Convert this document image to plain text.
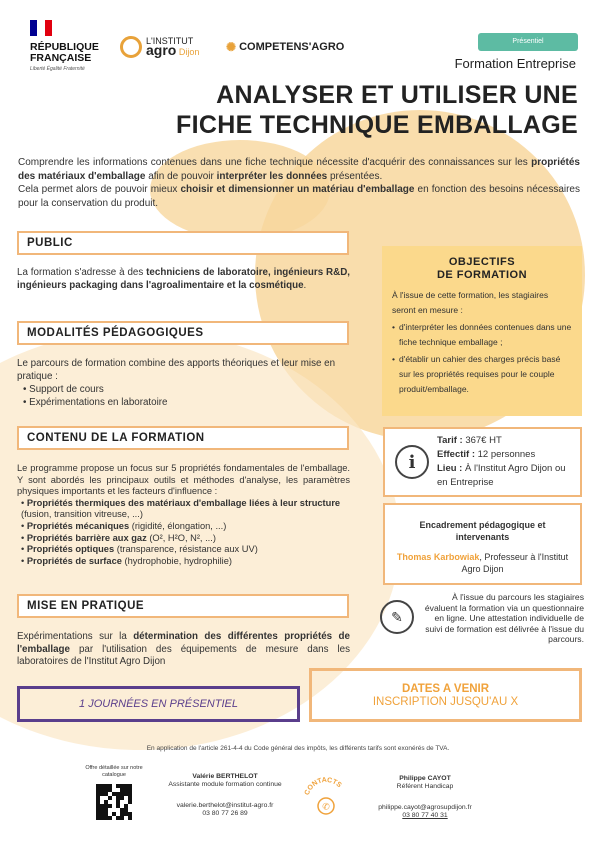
RÉPUBLIQUE FRANÇAISE
Liberté Égalité Fraternité
L'INSTITUT
agro Dijon ✺ COMPETENS'AGRO	Présentiel
Formation Entreprise
ANALYSER ET UTILISER UNE
FICHE TECHNIQUE EMBALLAGE
Comprendre les informations contenues dans une fiche technique nécessite d'acquérir des connaissances sur les propriétés des matériaux d'emballage afin de pouvoir interpréter les données présentées.
Cela permet alors de pouvoir mieux choisir et dimensionner un matériau d'emballage en fonction des besoins nécessaires pour la conservation du produit.
PUBLIC
La formation s'adresse à des techniciens de laboratoire, ingénieurs R&D, ingénieurs packaging dans l'agroalimentaire et la cosmétique.
MODALITÉS PÉDAGOGIQUES
Le parcours de formation combine des apports théoriques et leur mise en pratique :
• Support de cours
• Expérimentations en laboratoire
CONTENU DE LA FORMATION
Le programme propose un focus sur 5 propriétés fondamentales de l'emballage. Y sont abordés les principaux outils et méthodes d'analyse, les paramètres physiques importants et les facteurs d'influence :
• Propriétés thermiques des matériaux d'emballage liées à leur structure (fusion, transition vitreuse, ...)
• Propriétés mécaniques (rigidité, élongation, ...)
• Propriétés barrière aux gaz (O², H²O, N², ...)
• Propriétés optiques (transparence, résistance aux UV)
• Propriétés de surface (hydrophobie, hydrophilie)
MISE EN PRATIQUE
Expérimentations sur la détermination des différentes propriétés de l'emballage par l'utilisation des équipements de mesure dans les laboratoires de l'Institut Agro Dijon
OBJECTIFS
DE FORMATION
À l'issue de cette formation, les stagiaires seront en mesure :
• d'interpréter les données contenues dans une fiche technique emballage ;
• d'établir un cahier des charges précis basé sur les propriétés requises pour le couple produit/emballage.
i
Tarif : 367€ HT
Effectif : 12 personnes
Lieu : À l'Institut Agro Dijon ou en Entreprise
Encadrement pédagogique et intervenants
Thomas Karbowiak, Professeur à l'Institut Agro Dijon
✎
À l'issue du parcours les stagiaires évaluent la formation via un questionnaire en ligne. Une attestation individuelle de suivi de formation est délivrée à l'issue du parcours.
1 JOURNÉES EN PRÉSENTIEL
DATES A VENIR
INSCRIPTION JUSQU'AU X
En application de l'article 261-4-4 du Code général des impôts, les différents tarifs sont exonérés de TVA.
Offre détaillée sur notre catalogue	Valérie BERTHELOT
Assistante module formation continue
valerie.berthelot@institut-agro.fr
03 80 77 26 89
CONTACTS
✆
Philippe CAYOT
Référent Handicap
philippe.cayot@agrosupdijon.fr
03 80 77 40 31
